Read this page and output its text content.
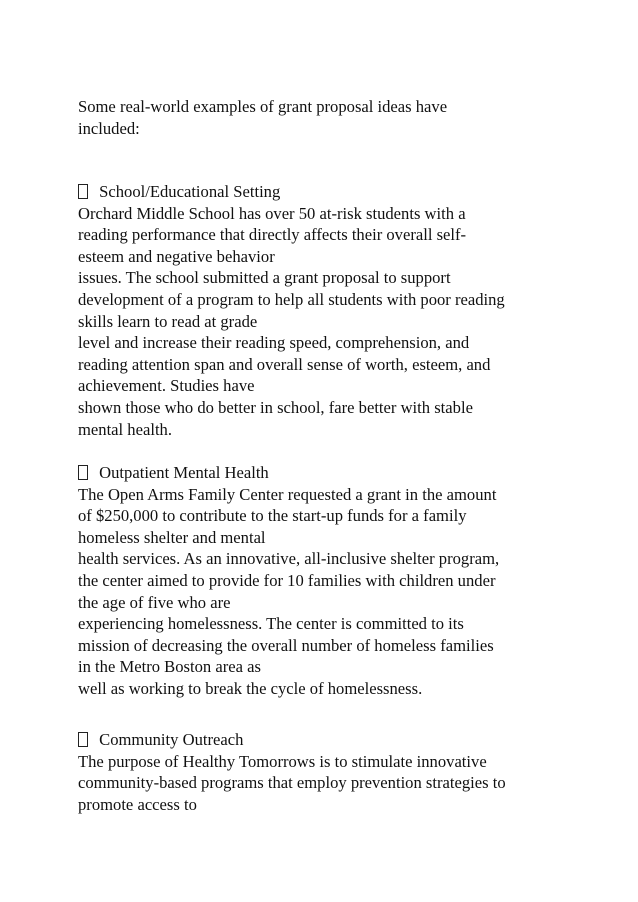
Some real-world examples of grant proposal ideas have
included:
School/Educational Setting
Orchard Middle School has over 50 at-risk students with a
reading performance that directly affects their overall self-
esteem and negative behavior
issues. The school submitted a grant proposal to support
development of a program to help all students with poor reading
skills learn to read at grade
level and increase their reading speed, comprehension, and
reading attention span and overall sense of worth, esteem, and
achievement. Studies have
shown those who do better in school, fare better with stable
mental health.
Outpatient Mental Health
The Open Arms Family Center requested a grant in the amount
of $250,000 to contribute to the start-up funds for a family
homeless shelter and mental
health services. As an innovative, all-inclusive shelter program,
the center aimed to provide for 10 families with children under
the age of five who are
experiencing homelessness. The center is committed to its
mission of decreasing the overall number of homeless families
in the Metro Boston area as
well as working to break the cycle of homelessness.
Community Outreach
The purpose of Healthy Tomorrows is to stimulate innovative
community-based programs that employ prevention strategies to
promote access to
